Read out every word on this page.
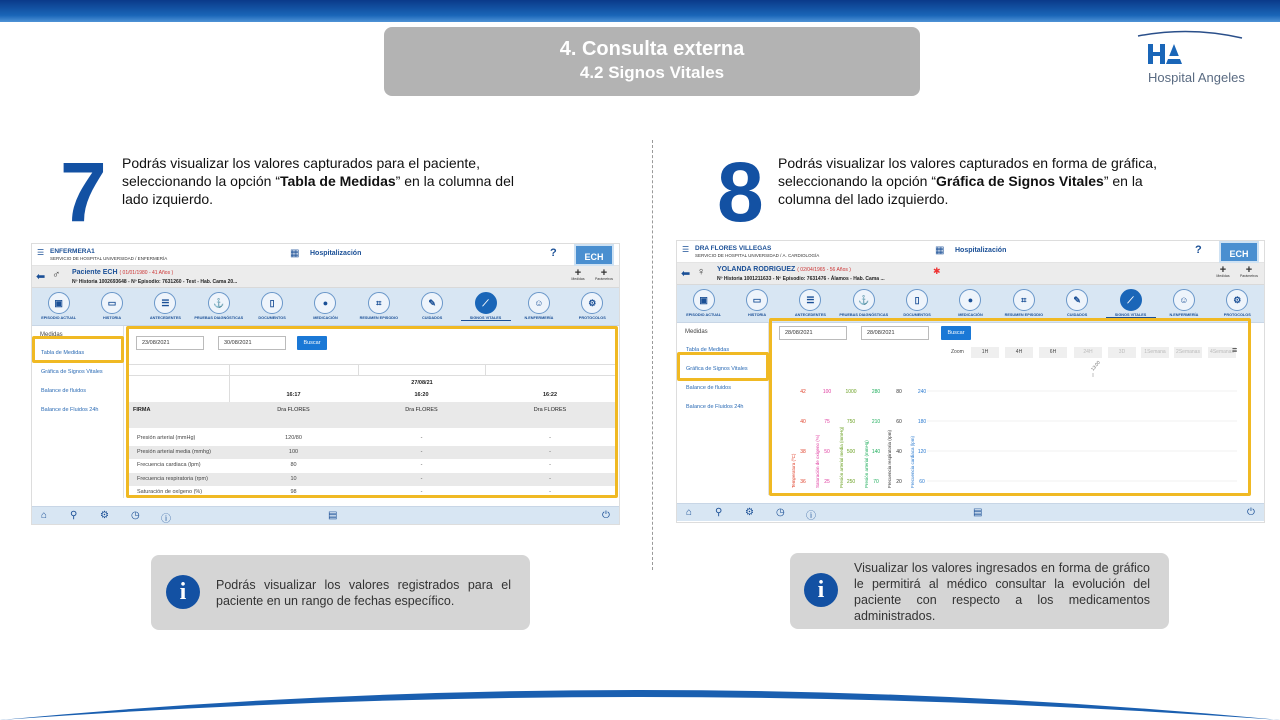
4. Consulta externa
4.2 Signos Vitales	Hospital Angeles
7 Podrás visualizar los valores capturados para el paciente, seleccionando la opción “Tabla de Medidas” en la columna del lado izquierdo.
☰ ENFERMERA1
SERVICIO DE HOSPITAL UNIVERSIDAD / ENFERMERÍA	▦ Hospitalización	?	ECH
⬅ ♂ Paciente ECH ( 01/01/1980 - 41 Años )
Nº Historia 1002693648 - Nº Episodio: 7631260 - Test - Hab. Cama 20...
+
Medidas	+
Parámetros
▣
EPISODIO ACTUAL
▭
HISTORIA
☰
ANTECEDENTES
⚓
PRUEBAS DIAGNÓSTICAS
▯
DOCUMENTOS
●
MEDICACIÓN
⌗
RESUMEN EPISODIO
✎
CUIDADOS
⟋
SIGNOS VITALES
☺
N.ENFERMERÍA
⚙
PROTOCOLOS
Medidas
Tabla de Medidas
Gráfica de Signos Vitales
Balance de fluidos
Balance de Fluidos 24h
23/08/2021	30/08/2021	Buscar
27/08/21
16:17	16:20	16:22
FIRMA	Dra FLORES	Dra FLORES	Dra FLORES
Presión arterial (mmHg)	120/80	-	-
Presión arterial media (mmhg)	100	-	-
Frecuencia cardiaca (lpm)	80	-	-
Frecuencia respiratoria (rpm)	10	-	-
Saturación de oxígeno (%)	98	-	-
⌂ ⚲ ⚙ ◷ ⓘ	▤	⏻
i	Podrás visualizar los valores registrados para el paciente en un rango de fechas específico.
8 Podrás visualizar los valores capturados en forma de gráfica, seleccionando la opción “Gráfica de Signos Vitales” en la columna del lado izquierdo.
☰ DRA FLORES VILLEGAS
SERVICIO DE HOSPITAL UNIVERSIDAD / A. CARDIOLOGÍA	▦ Hospitalización	?	ECH
⬅ ♀ YOLANDA RODRIGUEZ ( 02/04/1965 - 56 Años )
Nº Historia 1001211633 - Nº Episodio: 7631476 - Álamos - Hab. Cama ...
✱	+
Medidas	+
Parámetros
▣
EPISODIO ACTUAL
▭
HISTORIA
☰
ANTECEDENTES
⚓
PRUEBAS DIAGNÓSTICAS
▯
DOCUMENTOS
●
MEDICACIÓN
⌗
RESUMEN EPISODIO
✎
CUIDADOS
⟋
SIGNOS VITALES
☺
N.ENFERMERÍA
⚙
PROTOCOLOS
Medidas
Tabla de Medidas
Gráfica de Signos Vitales
Balance de fluidos
Balance de Fluidos 24h
28/08/2021	28/08/2021	Buscar
Zoom	1H	4H	6H	24H	3D	1Semana	2Semanas	4Semanas
≡
36
38
40
42
Temperatura (ºC)	25
50
75
100
Saturación de oxígeno (%)	250
500
750
1000
Presión arterial media (mmHg)	70
140
210
280
Presión arterial (mmHg)	20
40
60
80
Frecuencia respiratoria (rpm)	60
120
180
240
Frecuencia cardiaca (lpm)
13:00
⌂ ⚲ ⚙ ◷ ⓘ	▤	⏻
i
Visualizar los valores ingresados en forma de gráfico le permitirá al médico consultar la evolución del paciente con respecto a los medicamentos administrados.
